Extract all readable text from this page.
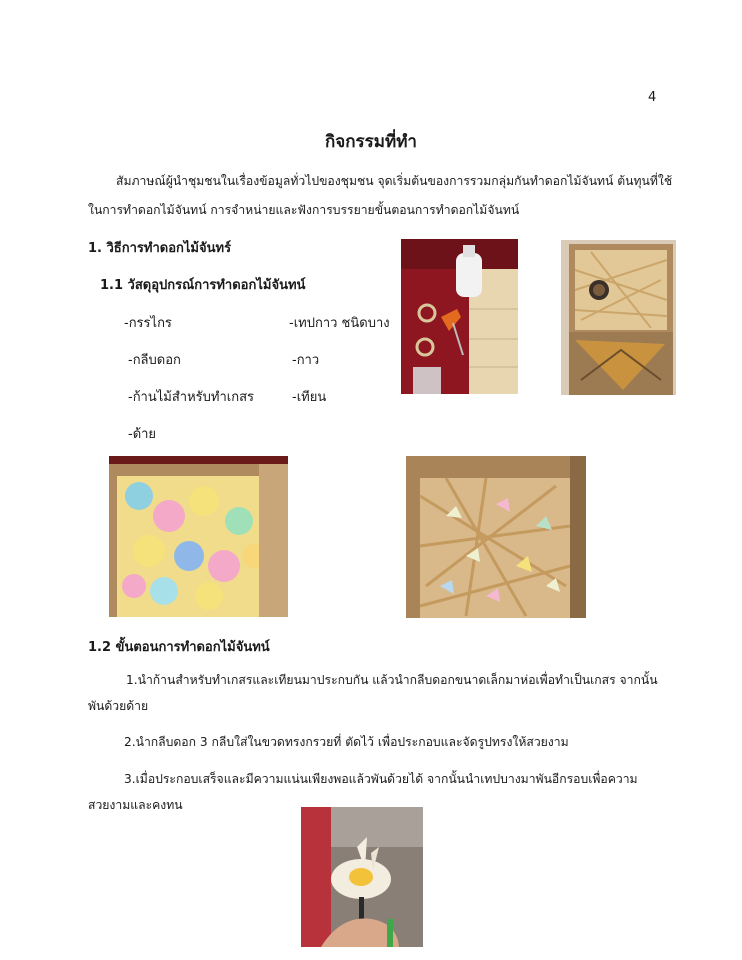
4
กิจกรรมที่ทำ
สัมภาษณ์ผู้นำชุมชนในเรื่องข้อมูลทั่วไปของชุมชน จุดเริ่มต้นของการรวมกลุ่มกันทำดอกไม้จันทน์ ต้นทุนที่ใช้
ในการทำดอกไม้จันทน์ การจำหน่ายและฟังการบรรยายขั้นตอนการทำดอกไม้จันทน์
1. วิธีการทำดอกไม้จันทร์
1.1 วัสดุอุปกรณ์การทำดอกไม้จันทน์
-กรรไกร
-กลีบดอก
-ก้านไม้สำหรับทำเกสร
-ด้าย
-เทปกาว ชนิดบาง
-กาว
-เทียน
1.2 ขั้นตอนการทำดอกไม้จันทน์
1.นำก้านสำหรับทำเกสรและเทียนมาประกบกัน แล้วนำกลีบดอกขนาดเล็กมาห่อเพื่อทำเป็นเกสร จากนั้น
พันด้วยด้าย
2.นำกลีบดอก 3 กลีบใส่ในขวดทรงกรวยที่ ตัดไว้ เพื่อประกอบและจัดรูปทรงให้สวยงาม
3.เมื่อประกอบเสร็จและมีความแน่นเพียงพอแล้วพันด้วยได้ จากนั้นนำเทปบางมาพันอีกรอบเพื่อความ
สวยงามและคงทน
